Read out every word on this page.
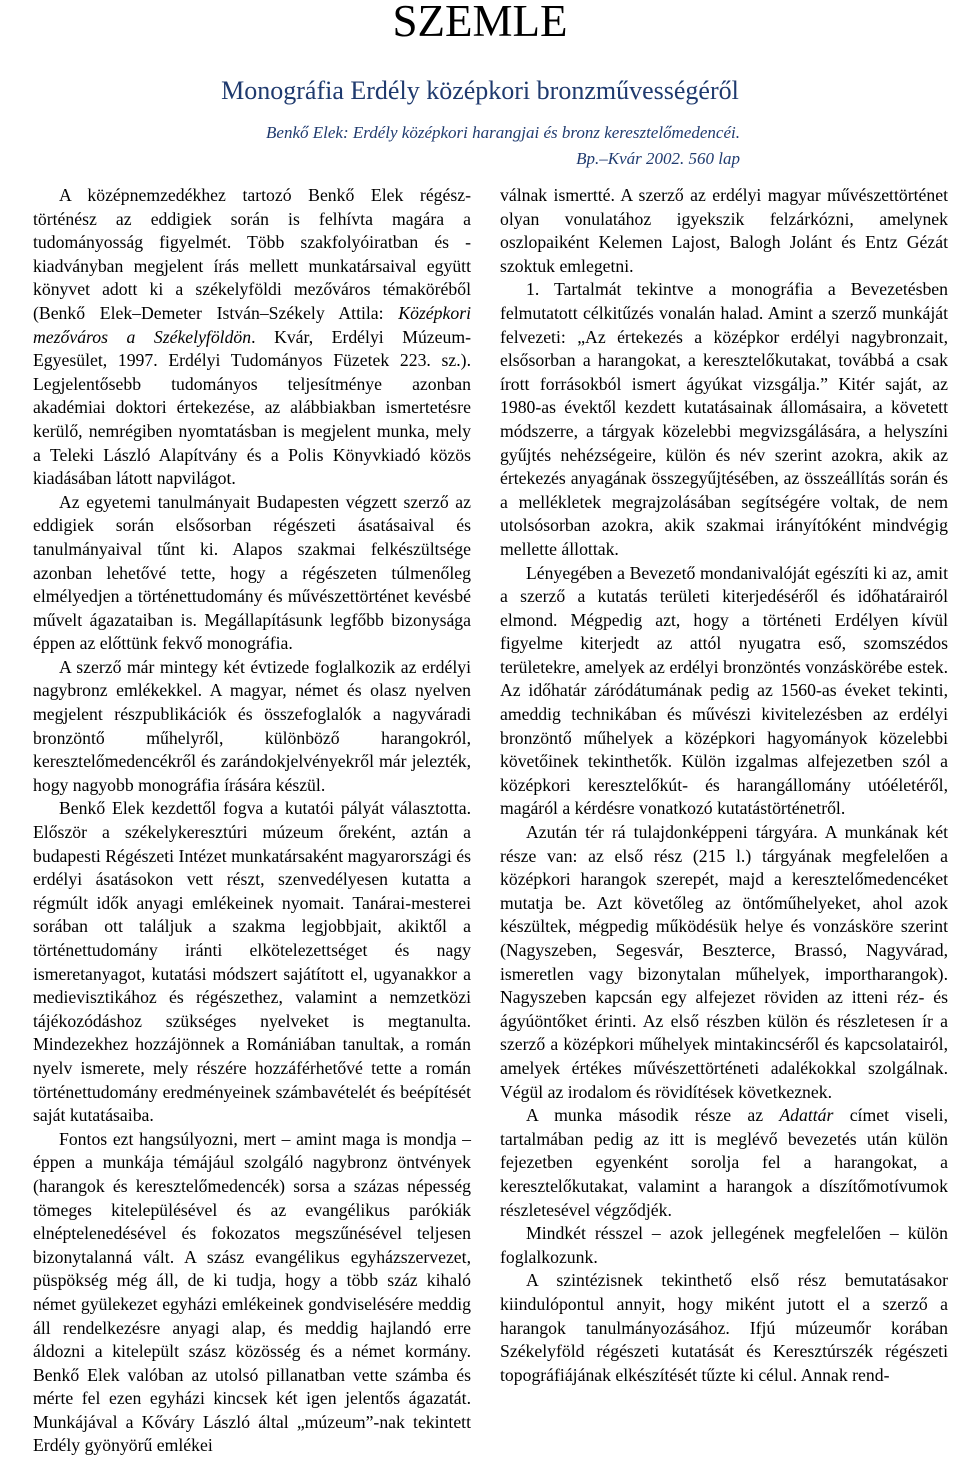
SZEMLE
Monográfia Erdély középkori bronzművességéről
Benkő Elek: Erdély középkori harangjai és bronz keresztelőmedencéi.
Bp.–Kvár 2002. 560 lap

A középnemzedékhez tartozó Benkő Elek régész-történész az eddigiek során is felhívta magára a tudományosság figyelmét. Több szakfolyóiratban és -kiadványban megjelent írás mellett munkatársaival együtt könyvet adott ki a székelyföldi mezőváros témaköréből (Benkő Elek–Demeter István–Székely Attila: Középkori mezőváros a Székelyföldön. Kvár, Erdélyi Múzeum-Egyesület, 1997. Erdélyi Tudományos Füzetek 223. sz.). Legjelentősebb tudományos teljesítménye azonban akadémiai doktori értekezése, az alábbiakban ismertetésre kerülő, nemrégiben nyomtatásban is megjelent munka, mely a Teleki László Alapítvány és a Polis Könyvkiadó közös kiadásában látott napvilágot.

Az egyetemi tanulmányait Budapesten végzett szerző az eddigiek során elsősorban régészeti ásatásaival és tanulmányaival tűnt ki. Alapos szakmai felkészültsége azonban lehetővé tette, hogy a régészeten túlmenőleg elmélyedjen a történettudomány és művészettörténet kevésbé művelt ágazataiban is. Megállapításunk legfőbb bizonysága éppen az előttünk fekvő monográfia.

A szerző már mintegy két évtizede foglalkozik az erdélyi nagybronz emlékekkel. A magyar, német és olasz nyelven megjelent részpublikációk és összefoglalók a nagyváradi bronzöntő műhelyről, különböző harangokról, keresztelőmedencékről és zarándokjelvényekről már jelezték, hogy nagyobb monográfia írására készül.

Benkő Elek kezdettől fogva a kutatói pályát választotta. Először a székelykeresztúri múzeum őreként, aztán a budapesti Régészeti Intézet munkatársaként magyarországi és erdélyi ásatásokon vett részt, szenvedélyesen kutatta a régmúlt idők anyagi emlékeinek nyomait. Tanárai-mesterei sorában ott találjuk a szakma legjobbjait, akiktől a történettudomány iránti elkötelezettséget és nagy ismeretanyagot, kutatási módszert sajátított el, ugyanakkor a medievisztikához és régészethez, valamint a nemzetközi tájékozódáshoz szükséges nyelveket is megtanulta. Mindezekhez hozzájönnek a Romániában tanultak, a román nyelv ismerete, mely részére hozzáférhetővé tette a román történettudomány eredményeinek számbavételét és beépítését saját kutatásaiba.

Fontos ezt hangsúlyozni, mert – amint maga is mondja – éppen a munkája témájául szolgáló nagybronz öntvények (harangok és keresztelőmedencék) sorsa a százas népesség tömeges kitelepülésével és az evangélikus parókiák elnéptelenedésével és fokozatos megszűnésével teljesen bizonytalanná vált. A szász evangélikus egyházszervezet, püspökség még áll, de ki tudja, hogy a több száz kihaló német gyülekezet egyházi emlékeinek gondviselésére meddig áll rendelkezésre anyagi alap, és meddig hajlandó erre áldozni a kitelepült szász közösség és a német kormány. Benkő Elek valóban az utolsó pillanatban vette számba és mérte fel ezen egyházi kincsek két igen jelentős ágazatát. Munkájával a Kőváry László által „múzeum”-nak tekintett Erdély gyönyörű emlékei

válnak ismertté. A szerző az erdélyi magyar művészettörténet olyan vonulatához igyekszik felzárkózni, amelynek oszlopaiként Kelemen Lajost, Balogh Jolánt és Entz Gézát szoktuk emlegetni.

1. Tartalmát tekintve a monográfia a Bevezetésben felmutatott célkitűzés vonalán halad. Amint a szerző munkáját felvezeti: „Az értekezés a középkor erdélyi nagybronzait, elsősorban a harangokat, a keresztelőkutakat, továbbá a csak írott forrásokból ismert ágyúkat vizsgálja.” Kitér saját, az 1980-as évektől kezdett kutatásainak állomásaira, a követett módszerre, a tárgyak közelebbi megvizsgálására, a helyszíni gyűjtés nehézségeire, külön és név szerint azokra, akik az értekezés anyagának összegyűjtésében, az összeállítás során és a mellékletek megrajzolásában segítségére voltak, de nem utolsósorban azokra, akik szakmai irányítóként mindvégig mellette állottak.

Lényegében a Bevezető mondanivalóját egészíti ki az, amit a szerző a kutatás területi kiterjedéséről és időhatárairól elmond. Mégpedig azt, hogy a történeti Erdélyen kívül figyelme kiterjedt az attól nyugatra eső, szomszédos területekre, amelyek az erdélyi bronzöntés vonzáskörébe estek. Az időhatár záródátumának pedig az 1560-as éveket tekinti, ameddig technikában és művészi kivitelezésben az erdélyi bronzöntő műhelyek a középkori hagyományok közelebbi követőinek tekinthetők. Külön izgalmas alfejezetben szól a középkori keresztelőkút- és harangállomány utóéletéről, magáról a kérdésre vonatkozó kutatástörténetről.

Azután tér rá tulajdonképpeni tárgyára. A munkának két része van: az első rész (215 l.) tárgyának megfelelően a középkori harangok szerepét, majd a keresztelőmedencéket mutatja be. Azt követőleg az öntőműhelyeket, ahol azok készültek, mégpedig működésük helye és vonzásköre szerint (Nagyszeben, Segesvár, Beszterce, Brassó, Nagyvárad, ismeretlen vagy bizonytalan műhelyek, importharangok). Nagyszeben kapcsán egy alfejezet röviden az itteni réz- és ágyúöntőket érinti. Az első részben külön és részletesen ír a szerző a középkori műhelyek mintakincséről és kapcsolatairól, amelyek értékes művészettörténeti adalékokkal szolgálnak. Végül az irodalom és rövidítések következnek.

A munka második része az Adattár címet viseli, tartalmában pedig az itt is meglévő bevezetés után külön fejezetben egyenként sorolja fel a harangokat, a keresztelőkutakat, valamint a harangok a díszítőmotívumok részletesével végződjék.

Mindkét résszel – azok jellegének megfelelően – külön foglalkozunk.

A szintézisnek tekinthető első rész bemutatásakor kiindulópontul annyit, hogy miként jutott el a szerző a harangok tanulmányozásához. Ifjú múzeumőr korában Székelyföld régészeti kutatását és Keresztúrszék régészeti topográfiájának elkészítését tűzte ki célul. Annak rend-
